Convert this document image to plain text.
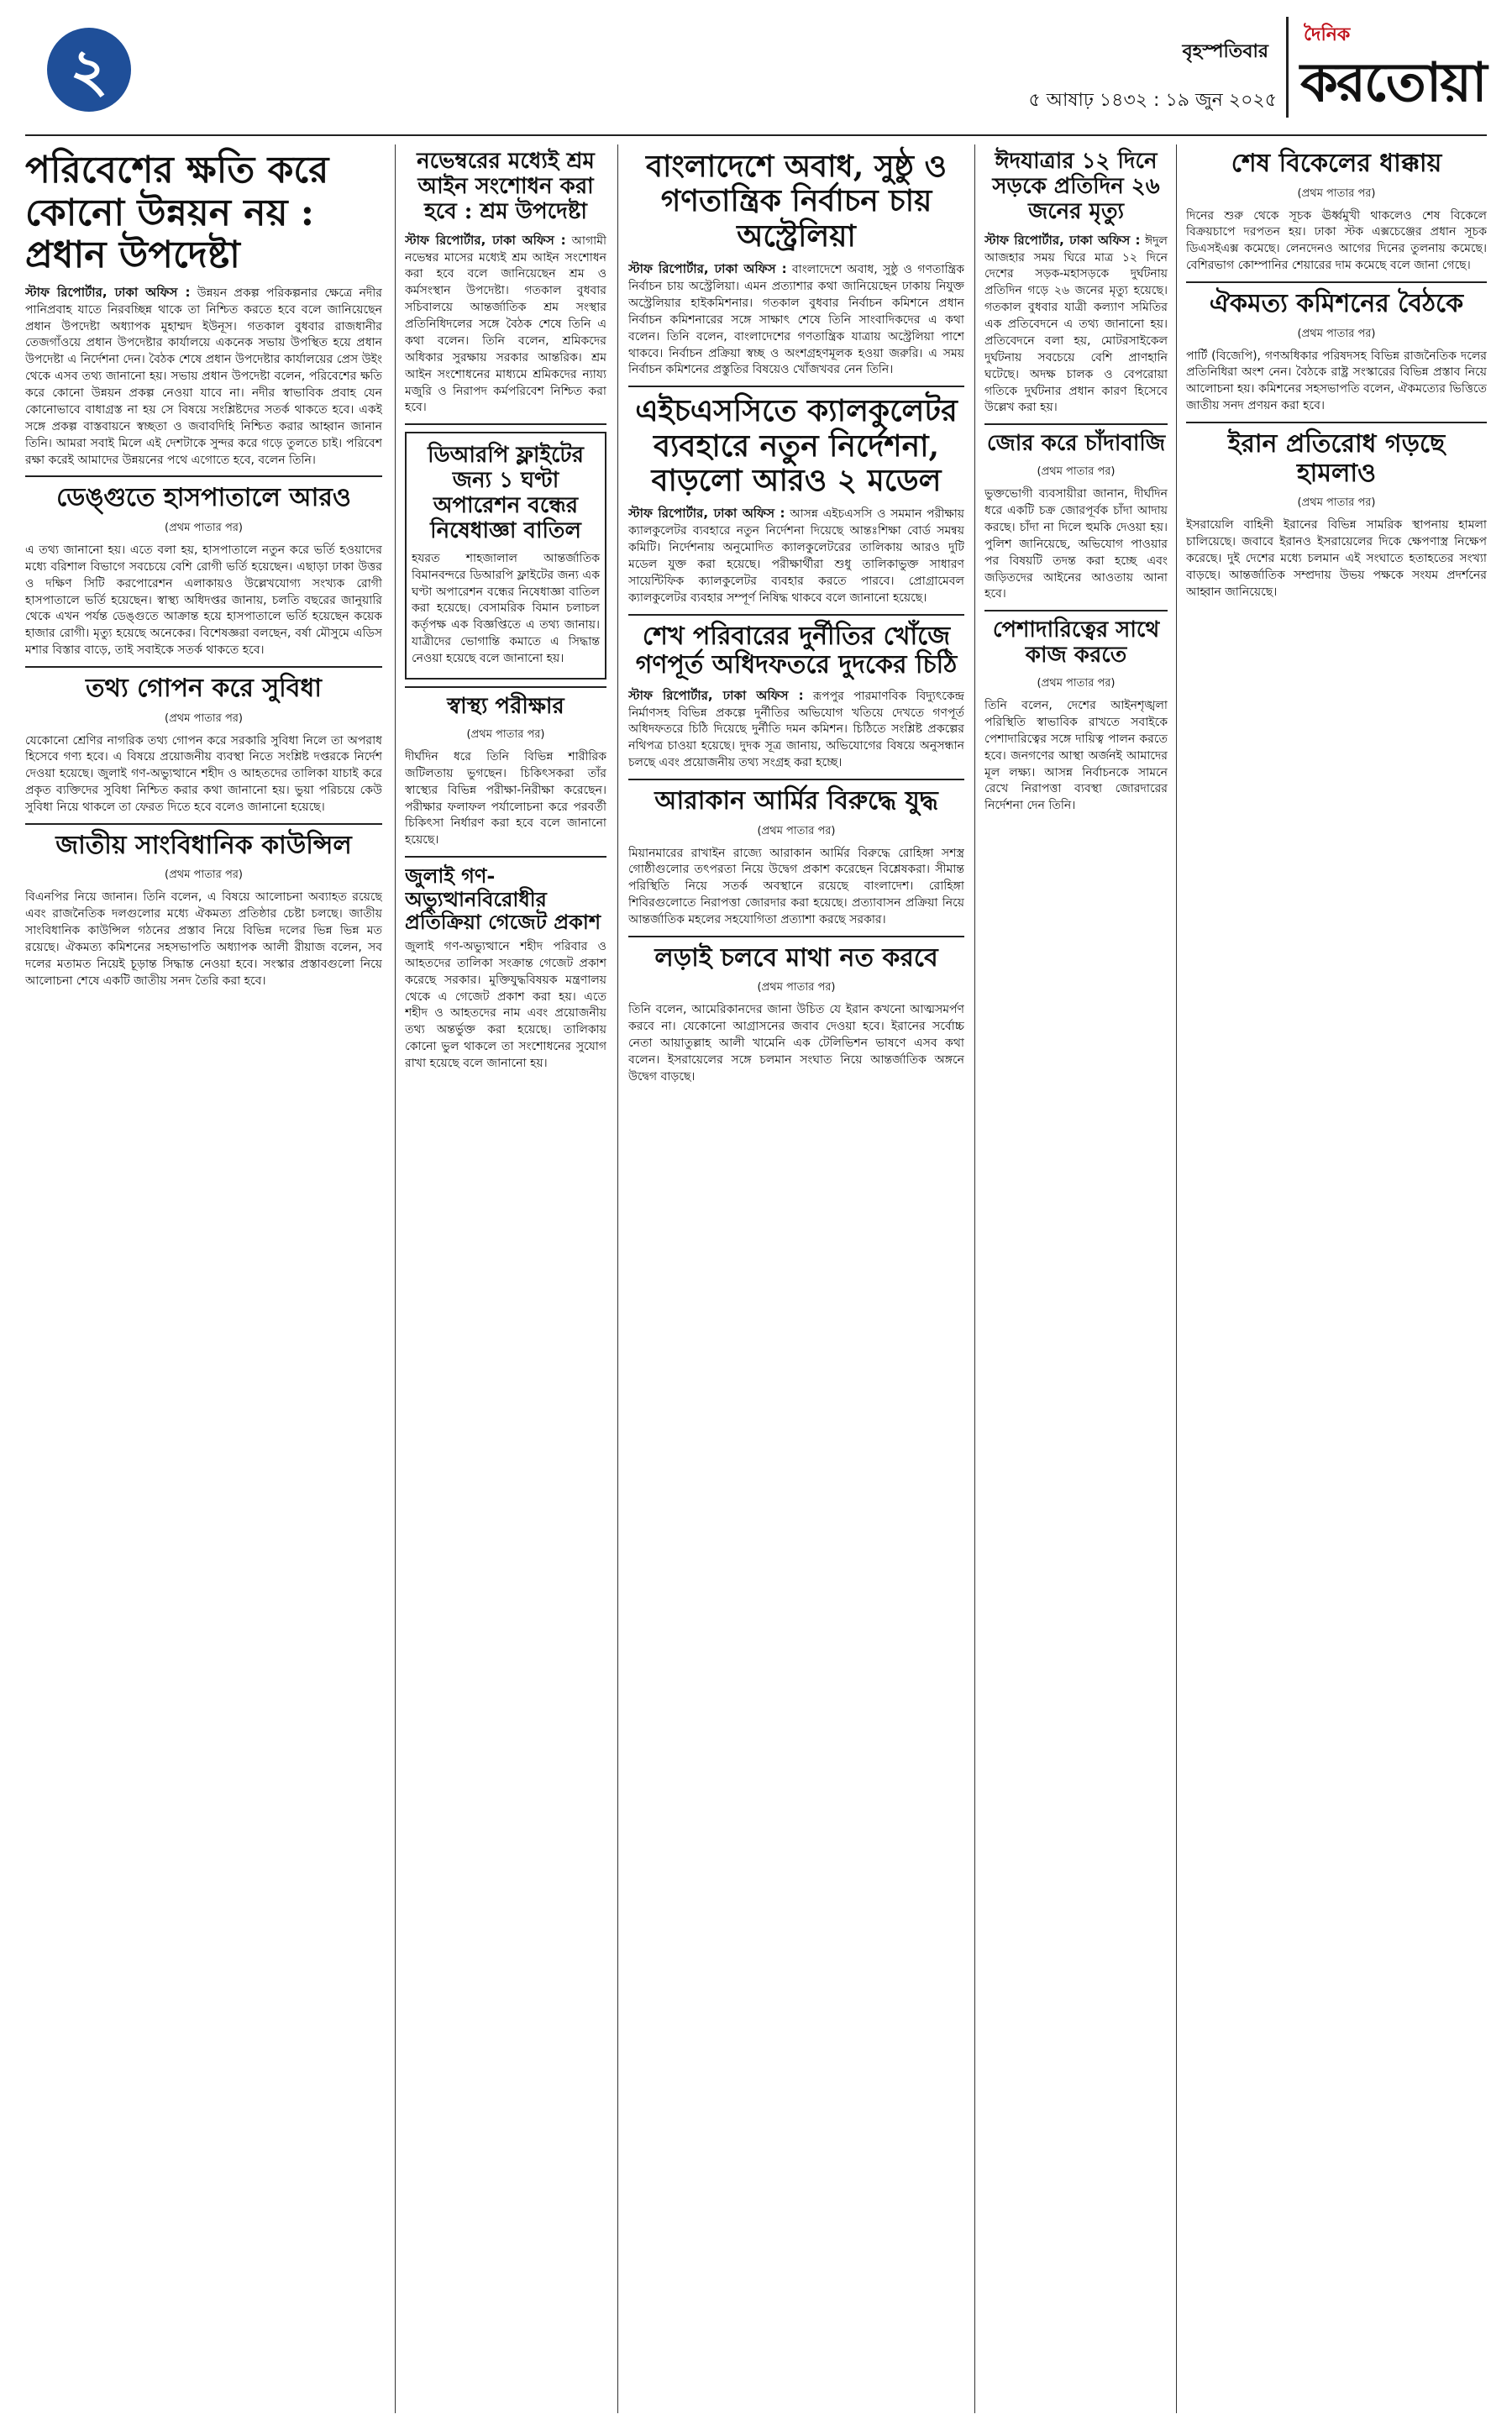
২	বৃহস্পতিবার
৫ আষাঢ় ১৪৩২ : ১৯ জুন ২০২৫
দৈনিক
করতোয়া
পরিবেশের ক্ষতি করে কোনো উন্নয়ন নয় : প্রধান উপদেষ্টা

স্টাফ রিপোর্টার, ঢাকা অফিস : উন্নয়ন প্রকল্প পরিকল্পনার ক্ষেত্রে নদীর পানিপ্রবাহ যাতে নিরবচ্ছিন্ন থাকে তা নিশ্চিত করতে হবে বলে জানিয়েছেন প্রধান উপদেষ্টা অধ্যাপক মুহাম্মদ ইউনূস। গতকাল বুধবার রাজধানীর তেজগাঁওয়ে প্রধান উপদেষ্টার কার্যালয়ে একনেক সভায় উপস্থিত হয়ে প্রধান উপদেষ্টা এ নির্দেশনা দেন। বৈঠক শেষে প্রধান উপদেষ্টার কার্যালয়ের প্রেস উইং থেকে এসব তথ্য জানানো হয়। সভায় প্রধান উপদেষ্টা বলেন, পরিবেশের ক্ষতি করে কোনো উন্নয়ন প্রকল্প নেওয়া যাবে না। নদীর স্বাভাবিক প্রবাহ যেন কোনোভাবে বাধাগ্রস্ত না হয় সে বিষয়ে সংশ্লিষ্টদের সতর্ক থাকতে হবে। একই সঙ্গে প্রকল্প বাস্তবায়নে স্বচ্ছতা ও জবাবদিহি নিশ্চিত করার আহ্বান জানান তিনি। আমরা সবাই মিলে এই দেশটাকে সুন্দর করে গড়ে তুলতে চাই। পরিবেশ রক্ষা করেই আমাদের উন্নয়নের পথে এগোতে হবে, বলেন তিনি।

ডেঙ্গুতে হাসপাতালে আরও
(প্রথম পাতার পর)

এ তথ্য জানানো হয়। এতে বলা হয়, হাসপাতালে নতুন করে ভর্তি হওয়াদের মধ্যে বরিশাল বিভাগে সবচেয়ে বেশি রোগী ভর্তি হয়েছেন। এছাড়া ঢাকা উত্তর ও দক্ষিণ সিটি করপোরেশন এলাকায়ও উল্লেখযোগ্য সংখ্যক রোগী হাসপাতালে ভর্তি হয়েছেন। স্বাস্থ্য অধিদপ্তর জানায়, চলতি বছরের জানুয়ারি থেকে এখন পর্যন্ত ডেঙ্গুতে আক্রান্ত হয়ে হাসপাতালে ভর্তি হয়েছেন কয়েক হাজার রোগী। মৃত্যু হয়েছে অনেকের। বিশেষজ্ঞরা বলছেন, বর্ষা মৌসুমে এডিস মশার বিস্তার বাড়ে, তাই সবাইকে সতর্ক থাকতে হবে।

তথ্য গোপন করে সুবিধা
(প্রথম পাতার পর)

যেকোনো শ্রেণির নাগরিক তথ্য গোপন করে সরকারি সুবিধা নিলে তা অপরাধ হিসেবে গণ্য হবে। এ বিষয়ে প্রয়োজনীয় ব্যবস্থা নিতে সংশ্লিষ্ট দপ্তরকে নির্দেশ দেওয়া হয়েছে। জুলাই গণ-অভ্যুত্থানে শহীদ ও আহতদের তালিকা যাচাই করে প্রকৃত ব্যক্তিদের সুবিধা নিশ্চিত করার কথা জানানো হয়। ভুয়া পরিচয়ে কেউ সুবিধা নিয়ে থাকলে তা ফেরত দিতে হবে বলেও জানানো হয়েছে।

জাতীয় সাংবিধানিক কাউন্সিল
(প্রথম পাতার পর)

বিএনপির নিয়ে জানান। তিনি বলেন, এ বিষয়ে আলোচনা অব্যাহত রয়েছে এবং রাজনৈতিক দলগুলোর মধ্যে ঐকমত্য প্রতিষ্ঠার চেষ্টা চলছে। জাতীয় সাংবিধানিক কাউন্সিল গঠনের প্রস্তাব নিয়ে বিভিন্ন দলের ভিন্ন ভিন্ন মত রয়েছে। ঐকমত্য কমিশনের সহসভাপতি অধ্যাপক আলী রীয়াজ বলেন, সব দলের মতামত নিয়েই চূড়ান্ত সিদ্ধান্ত নেওয়া হবে। সংস্কার প্রস্তাবগুলো নিয়ে আলোচনা শেষে একটি জাতীয় সনদ তৈরি করা হবে।

নভেম্বরের মধ্যেই শ্রম আইন সংশোধন করা হবে : শ্রম উপদেষ্টা

স্টাফ রিপোর্টার, ঢাকা অফিস : আগামী নভেম্বর মাসের মধ্যেই শ্রম আইন সংশোধন করা হবে বলে জানিয়েছেন শ্রম ও কর্মসংস্থান উপদেষ্টা। গতকাল বুধবার সচিবালয়ে আন্তর্জাতিক শ্রম সংস্থার প্রতিনিধিদলের সঙ্গে বৈঠক শেষে তিনি এ কথা বলেন। তিনি বলেন, শ্রমিকদের অধিকার সুরক্ষায় সরকার আন্তরিক। শ্রম আইন সংশোধনের মাধ্যমে শ্রমিকদের ন্যায্য মজুরি ও নিরাপদ কর্মপরিবেশ নিশ্চিত করা হবে।

ডিআরপি ফ্লাইটের জন্য ১ ঘণ্টা অপারেশন বন্ধের নিষেধাজ্ঞা বাতিল

হযরত শাহজালাল আন্তর্জাতিক বিমানবন্দরে ডিআরপি ফ্লাইটের জন্য এক ঘণ্টা অপারেশন বন্ধের নিষেধাজ্ঞা বাতিল করা হয়েছে। বেসামরিক বিমান চলাচল কর্তৃপক্ষ এক বিজ্ঞপ্তিতে এ তথ্য জানায়। যাত্রীদের ভোগান্তি কমাতে এ সিদ্ধান্ত নেওয়া হয়েছে বলে জানানো হয়।

স্বাস্থ্য পরীক্ষার
(প্রথম পাতার পর)

দীর্ঘদিন ধরে তিনি বিভিন্ন শারীরিক জটিলতায় ভুগছেন। চিকিৎসকরা তাঁর স্বাস্থ্যের বিভিন্ন পরীক্ষা-নিরীক্ষা করেছেন। পরীক্ষার ফলাফল পর্যালোচনা করে পরবর্তী চিকিৎসা নির্ধারণ করা হবে বলে জানানো হয়েছে।

জুলাই গণ-অভ্যুত্থানবিরোধীর প্রতিক্রিয়া গেজেট প্রকাশ

জুলাই গণ-অভ্যুত্থানে শহীদ পরিবার ও আহতদের তালিকা সংক্রান্ত গেজেট প্রকাশ করেছে সরকার। মুক্তিযুদ্ধবিষয়ক মন্ত্রণালয় থেকে এ গেজেট প্রকাশ করা হয়। এতে শহীদ ও আহতদের নাম এবং প্রয়োজনীয় তথ্য অন্তর্ভুক্ত করা হয়েছে। তালিকায় কোনো ভুল থাকলে তা সংশোধনের সুযোগ রাখা হয়েছে বলে জানানো হয়।

বাংলাদেশে অবাধ, সুষ্ঠু ও গণতান্ত্রিক নির্বাচন চায় অস্ট্রেলিয়া

স্টাফ রিপোর্টার, ঢাকা অফিস : বাংলাদেশে অবাধ, সুষ্ঠু ও গণতান্ত্রিক নির্বাচন চায় অস্ট্রেলিয়া। এমন প্রত্যাশার কথা জানিয়েছেন ঢাকায় নিযুক্ত অস্ট্রেলিয়ার হাইকমিশনার। গতকাল বুধবার নির্বাচন কমিশনে প্রধান নির্বাচন কমিশনারের সঙ্গে সাক্ষাৎ শেষে তিনি সাংবাদিকদের এ কথা বলেন। তিনি বলেন, বাংলাদেশের গণতান্ত্রিক যাত্রায় অস্ট্রেলিয়া পাশে থাকবে। নির্বাচন প্রক্রিয়া স্বচ্ছ ও অংশগ্রহণমূলক হওয়া জরুরি। এ সময় নির্বাচন কমিশনের প্রস্তুতির বিষয়েও খোঁজখবর নেন তিনি।

এইচএসসিতে ক্যালকুলেটর ব্যবহারে নতুন নির্দেশনা, বাড়লো আরও ২ মডেল

স্টাফ রিপোর্টার, ঢাকা অফিস : আসন্ন এইচএসসি ও সমমান পরীক্ষায় ক্যালকুলেটর ব্যবহারে নতুন নির্দেশনা দিয়েছে আন্তঃশিক্ষা বোর্ড সমন্বয় কমিটি। নির্দেশনায় অনুমোদিত ক্যালকুলেটরের তালিকায় আরও দুটি মডেল যুক্ত করা হয়েছে। পরীক্ষার্থীরা শুধু তালিকাভুক্ত সাধারণ সায়েন্টিফিক ক্যালকুলেটর ব্যবহার করতে পারবে। প্রোগ্রামেবল ক্যালকুলেটর ব্যবহার সম্পূর্ণ নিষিদ্ধ থাকবে বলে জানানো হয়েছে।

শেখ পরিবারের দুর্নীতির খোঁজে গণপূর্ত অধিদফতরে দুদকের চিঠি

স্টাফ রিপোর্টার, ঢাকা অফিস : রূপপুর পারমাণবিক বিদ্যুৎকেন্দ্র নির্মাণসহ বিভিন্ন প্রকল্পে দুর্নীতির অভিযোগ খতিয়ে দেখতে গণপূর্ত অধিদফতরে চিঠি দিয়েছে দুর্নীতি দমন কমিশন। চিঠিতে সংশ্লিষ্ট প্রকল্পের নথিপত্র চাওয়া হয়েছে। দুদক সূত্র জানায়, অভিযোগের বিষয়ে অনুসন্ধান চলছে এবং প্রয়োজনীয় তথ্য সংগ্রহ করা হচ্ছে।

আরাকান আর্মির বিরুদ্ধে যুদ্ধ
(প্রথম পাতার পর)

মিয়ানমারের রাখাইন রাজ্যে আরাকান আর্মির বিরুদ্ধে রোহিঙ্গা সশস্ত্র গোষ্ঠীগুলোর তৎপরতা নিয়ে উদ্বেগ প্রকাশ করেছেন বিশ্লেষকরা। সীমান্ত পরিস্থিতি নিয়ে সতর্ক অবস্থানে রয়েছে বাংলাদেশ। রোহিঙ্গা শিবিরগুলোতে নিরাপত্তা জোরদার করা হয়েছে। প্রত্যাবাসন প্রক্রিয়া নিয়ে আন্তর্জাতিক মহলের সহযোগিতা প্রত্যাশা করছে সরকার।

লড়াই চলবে মাথা নত করবে
(প্রথম পাতার পর)

তিনি বলেন, আমেরিকানদের জানা উচিত যে ইরান কখনো আত্মসমর্পণ করবে না। যেকোনো আগ্রাসনের জবাব দেওয়া হবে। ইরানের সর্বোচ্চ নেতা আয়াতুল্লাহ আলী খামেনি এক টেলিভিশন ভাষণে এসব কথা বলেন। ইসরায়েলের সঙ্গে চলমান সংঘাত নিয়ে আন্তর্জাতিক অঙ্গনে উদ্বেগ বাড়ছে।

ঈদযাত্রার ১২ দিনে সড়কে প্রতিদিন ২৬ জনের মৃত্যু

স্টাফ রিপোর্টার, ঢাকা অফিস : ঈদুল আজহার সময় ঘিরে মাত্র ১২ দিনে দেশের সড়ক-মহাসড়কে দুর্ঘটনায় প্রতিদিন গড়ে ২৬ জনের মৃত্যু হয়েছে। গতকাল বুধবার যাত্রী কল্যাণ সমিতির এক প্রতিবেদনে এ তথ্য জানানো হয়। প্রতিবেদনে বলা হয়, মোটরসাইকেল দুর্ঘটনায় সবচেয়ে বেশি প্রাণহানি ঘটেছে। অদক্ষ চালক ও বেপরোয়া গতিকে দুর্ঘটনার প্রধান কারণ হিসেবে উল্লেখ করা হয়।

জোর করে চাঁদাবাজি
(প্রথম পাতার পর)

ভুক্তভোগী ব্যবসায়ীরা জানান, দীর্ঘদিন ধরে একটি চক্র জোরপূর্বক চাঁদা আদায় করছে। চাঁদা না দিলে হুমকি দেওয়া হয়। পুলিশ জানিয়েছে, অভিযোগ পাওয়ার পর বিষয়টি তদন্ত করা হচ্ছে এবং জড়িতদের আইনের আওতায় আনা হবে।

পেশাদারিত্বের সাথে কাজ করতে
(প্রথম পাতার পর)

তিনি বলেন, দেশের আইনশৃঙ্খলা পরিস্থিতি স্বাভাবিক রাখতে সবাইকে পেশাদারিত্বের সঙ্গে দায়িত্ব পালন করতে হবে। জনগণের আস্থা অর্জনই আমাদের মূল লক্ষ্য। আসন্ন নির্বাচনকে সামনে রেখে নিরাপত্তা ব্যবস্থা জোরদারের নির্দেশনা দেন তিনি।

শেষ বিকেলের ধাক্কায়
(প্রথম পাতার পর)

দিনের শুরু থেকে সূচক ঊর্ধ্বমুখী থাকলেও শেষ বিকেলে বিক্রয়চাপে দরপতন হয়। ঢাকা স্টক এক্সচেঞ্জের প্রধান সূচক ডিএসইএক্স কমেছে। লেনদেনও আগের দিনের তুলনায় কমেছে। বেশিরভাগ কোম্পানির শেয়ারের দাম কমেছে বলে জানা গেছে।

ঐকমত্য কমিশনের বৈঠকে
(প্রথম পাতার পর)

পার্টি (বিজেপি), গণঅধিকার পরিষদসহ বিভিন্ন রাজনৈতিক দলের প্রতিনিধিরা অংশ নেন। বৈঠকে রাষ্ট্র সংস্কারের বিভিন্ন প্রস্তাব নিয়ে আলোচনা হয়। কমিশনের সহসভাপতি বলেন, ঐকমত্যের ভিত্তিতে জাতীয় সনদ প্রণয়ন করা হবে।

ইরান প্রতিরোধ গড়ছে হামলাও
(প্রথম পাতার পর)

ইসরায়েলি বাহিনী ইরানের বিভিন্ন সামরিক স্থাপনায় হামলা চালিয়েছে। জবাবে ইরানও ইসরায়েলের দিকে ক্ষেপণাস্ত্র নিক্ষেপ করেছে। দুই দেশের মধ্যে চলমান এই সংঘাতে হতাহতের সংখ্যা বাড়ছে। আন্তর্জাতিক সম্প্রদায় উভয় পক্ষকে সংযম প্রদর্শনের আহ্বান জানিয়েছে।
